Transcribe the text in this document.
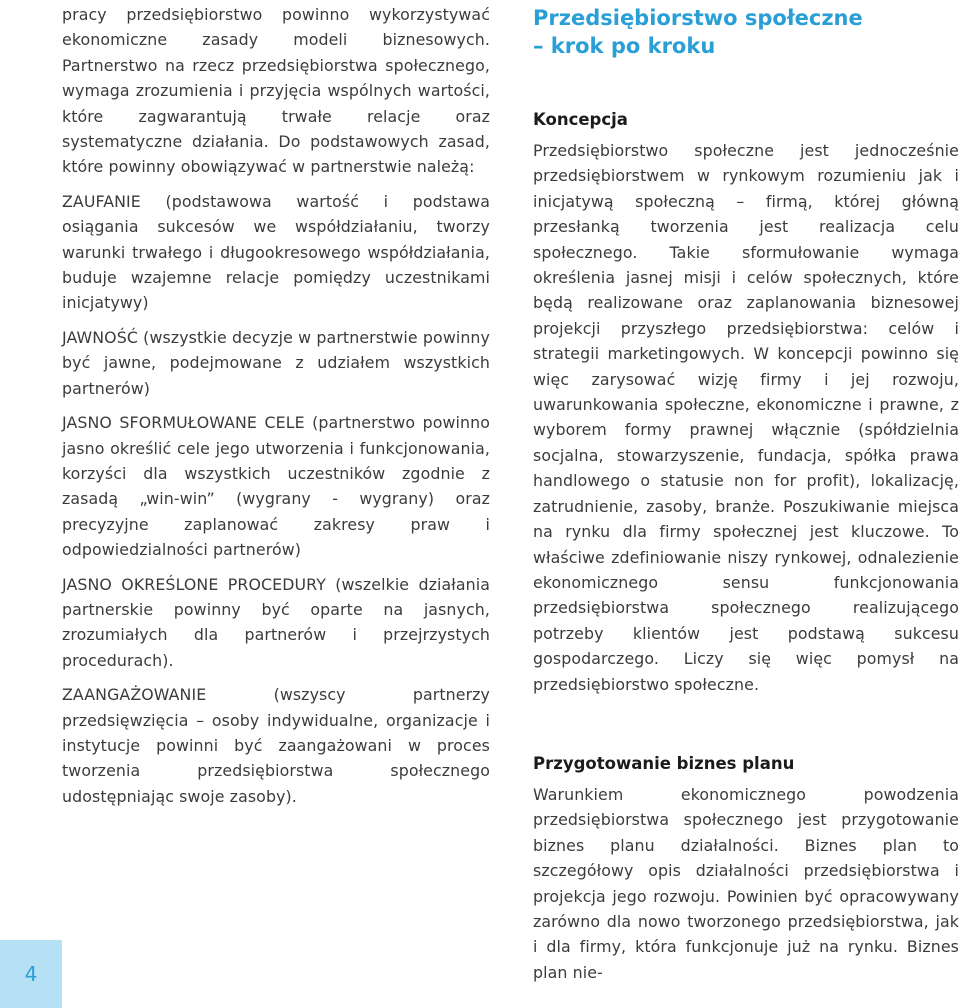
pracy przedsiębiorstwo powinno wykorzystywać ekonomiczne zasady modeli biznesowych. Partnerstwo na rzecz przedsiębiorstwa społecznego, wymaga zrozumienia i przyjęcia wspólnych wartości, które zagwarantują trwałe relacje oraz systematyczne działania. Do podstawowych zasad, które powinny obowiązywać w partnerstwie należą:

ZAUFANIE (podstawowa wartość i podstawa osiągania sukcesów we współdziałaniu, tworzy warunki trwałego i długookresowego współdziałania, buduje wzajemne relacje pomiędzy uczestnikami inicjatywy)

JAWNOŚĆ (wszystkie decyzje w partnerstwie powinny być jawne, podejmowane z udziałem wszystkich partnerów)

JASNO SFORMUŁOWANE CELE (partnerstwo powinno jasno określić cele jego utworzenia i funkcjonowania, korzyści dla wszystkich uczestników zgodnie z zasadą „win-win” (wygrany - wygrany) oraz precyzyjne zaplanować zakresy praw i odpowiedzialności partnerów)

JASNO OKREŚLONE PROCEDURY (wszelkie działania partnerskie powinny być oparte na jasnych, zrozumiałych dla partnerów i przejrzystych procedurach).

ZAANGAŻOWANIE (wszyscy partnerzy przedsięwzięcia – osoby indywidualne, organizacje i instytucje powinni być zaangażowani w proces tworzenia przedsiębiorstwa społecznego udostępniając swoje zasoby).

Przedsiębiorstwo społeczne
– krok po kroku
Koncepcja

Przedsiębiorstwo społeczne jest jednocześnie przedsiębiorstwem w rynkowym rozumieniu jak i inicjatywą społeczną – firmą, której główną przesłanką tworzenia jest realizacja celu społecznego. Takie sformułowanie wymaga określenia jasnej misji i celów społecznych, które będą realizowane oraz zaplanowania biznesowej projekcji przyszłego przedsiębiorstwa: celów i strategii marketingowych. W koncepcji powinno się więc zarysować wizję firmy i jej rozwoju, uwarunkowania społeczne, ekonomiczne i prawne, z wyborem formy prawnej włącznie (spółdzielnia socjalna, stowarzyszenie, fundacja, spółka prawa handlowego o statusie non for profit), lokalizację, zatrudnienie, zasoby, branże. Poszukiwanie miejsca na rynku dla firmy społecznej jest kluczowe. To właściwe zdefiniowanie niszy rynkowej, odnalezienie ekonomicznego sensu funkcjonowania przedsiębiorstwa społecznego realizującego potrzeby klientów jest podstawą sukcesu gospodarczego. Liczy się więc pomysł na przedsiębiorstwo społeczne.

Przygotowanie biznes planu

Warunkiem ekonomicznego powodzenia przedsiębiorstwa społecznego jest przygotowanie biznes planu działalności. Biznes plan to szczegółowy opis działalności przedsiębiorstwa i projekcja jego rozwoju. Powinien być opracowywany zarówno dla nowo tworzonego przedsiębiorstwa, jak i dla firmy, która funkcjonuje już na rynku. Biznes plan nie-

4
